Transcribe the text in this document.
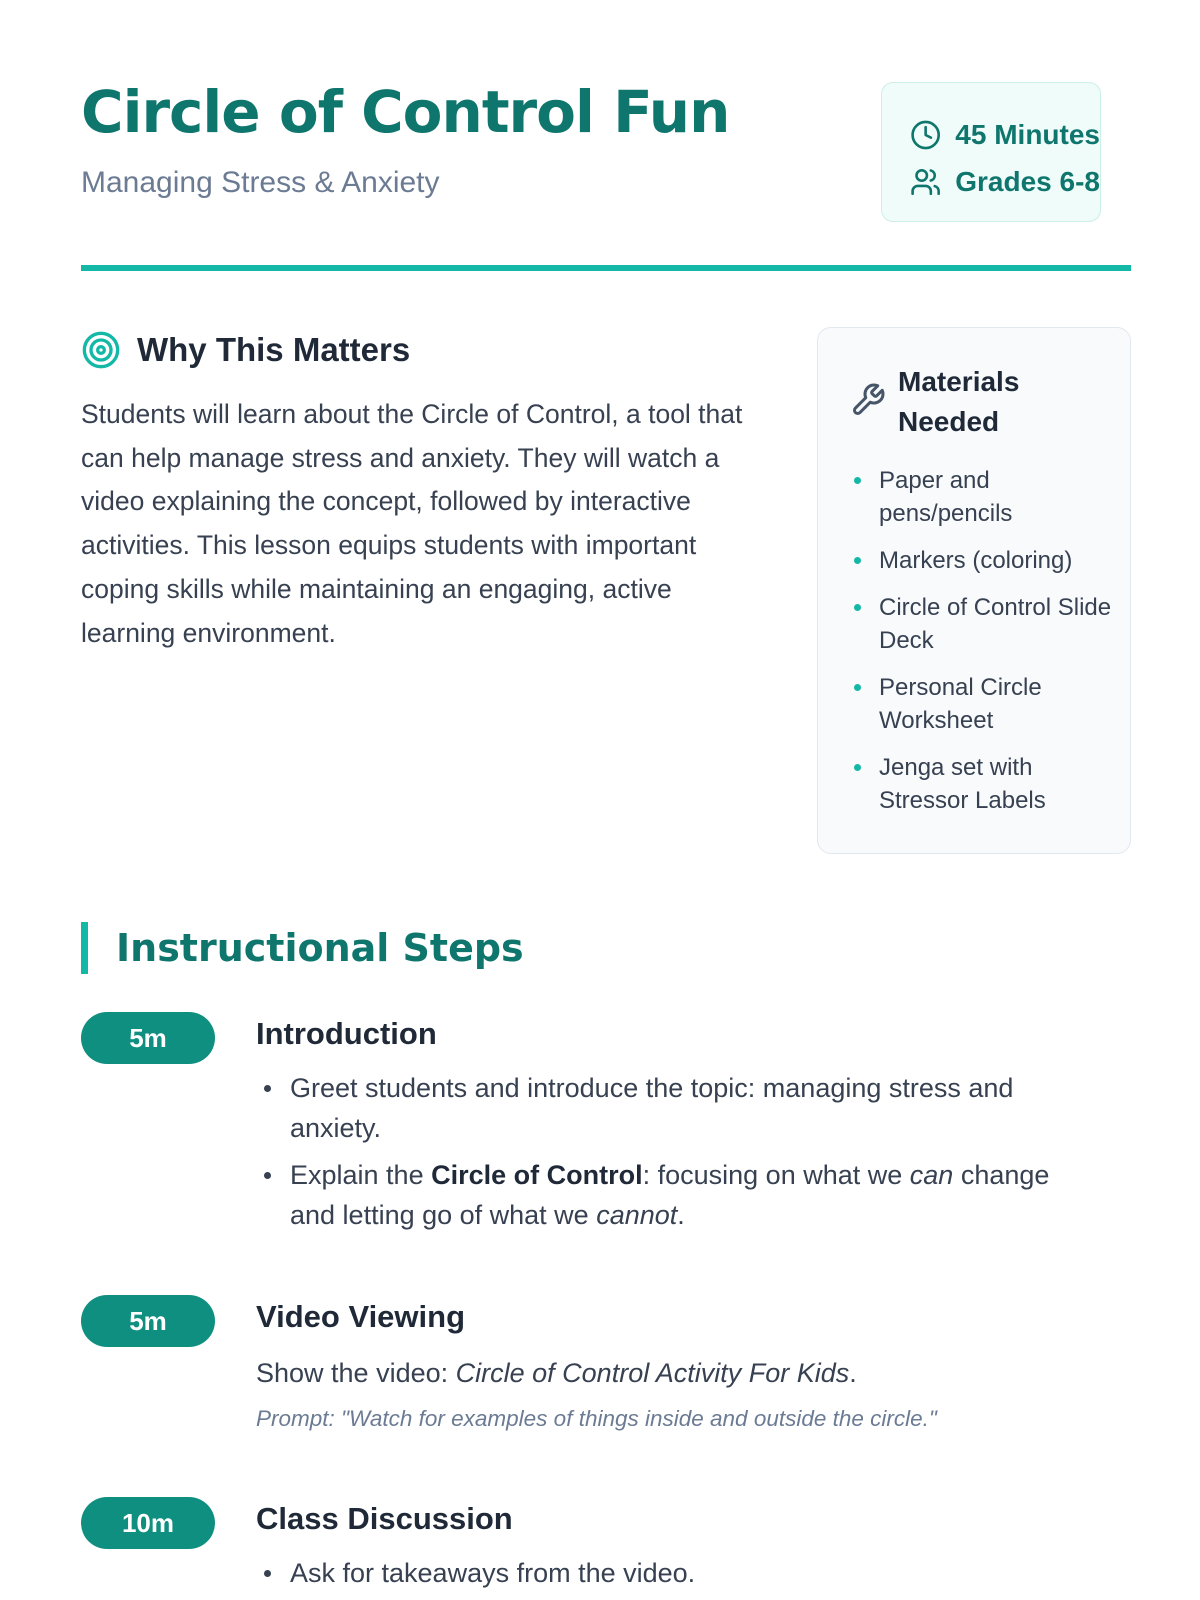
Circle of Control Fun
Managing Stress & Anxiety
45 Minutes
Grades 6-8
Why This Matters

Students will learn about the Circle of Control, a tool that can help manage stress and anxiety. They will watch a video explaining the concept, followed by interactive activities. This lesson equips students with important coping skills while maintaining an engaging, active learning environment.

Materials Needed
Paper and pens/pencils
Markers (coloring)
Circle of Control Slide Deck
Personal Circle Worksheet
Jenga set with Stressor Labels
Instructional Steps
5m	Introduction
Greet students and introduce the topic: managing stress and anxiety.
Explain the Circle of Control: focusing on what we can change and letting go of what we cannot.
5m	Video Viewing

Show the video: Circle of Control Activity For Kids.

Prompt: "Watch for examples of things inside and outside the circle."

10m	Class Discussion
Ask for takeaways from the video.
